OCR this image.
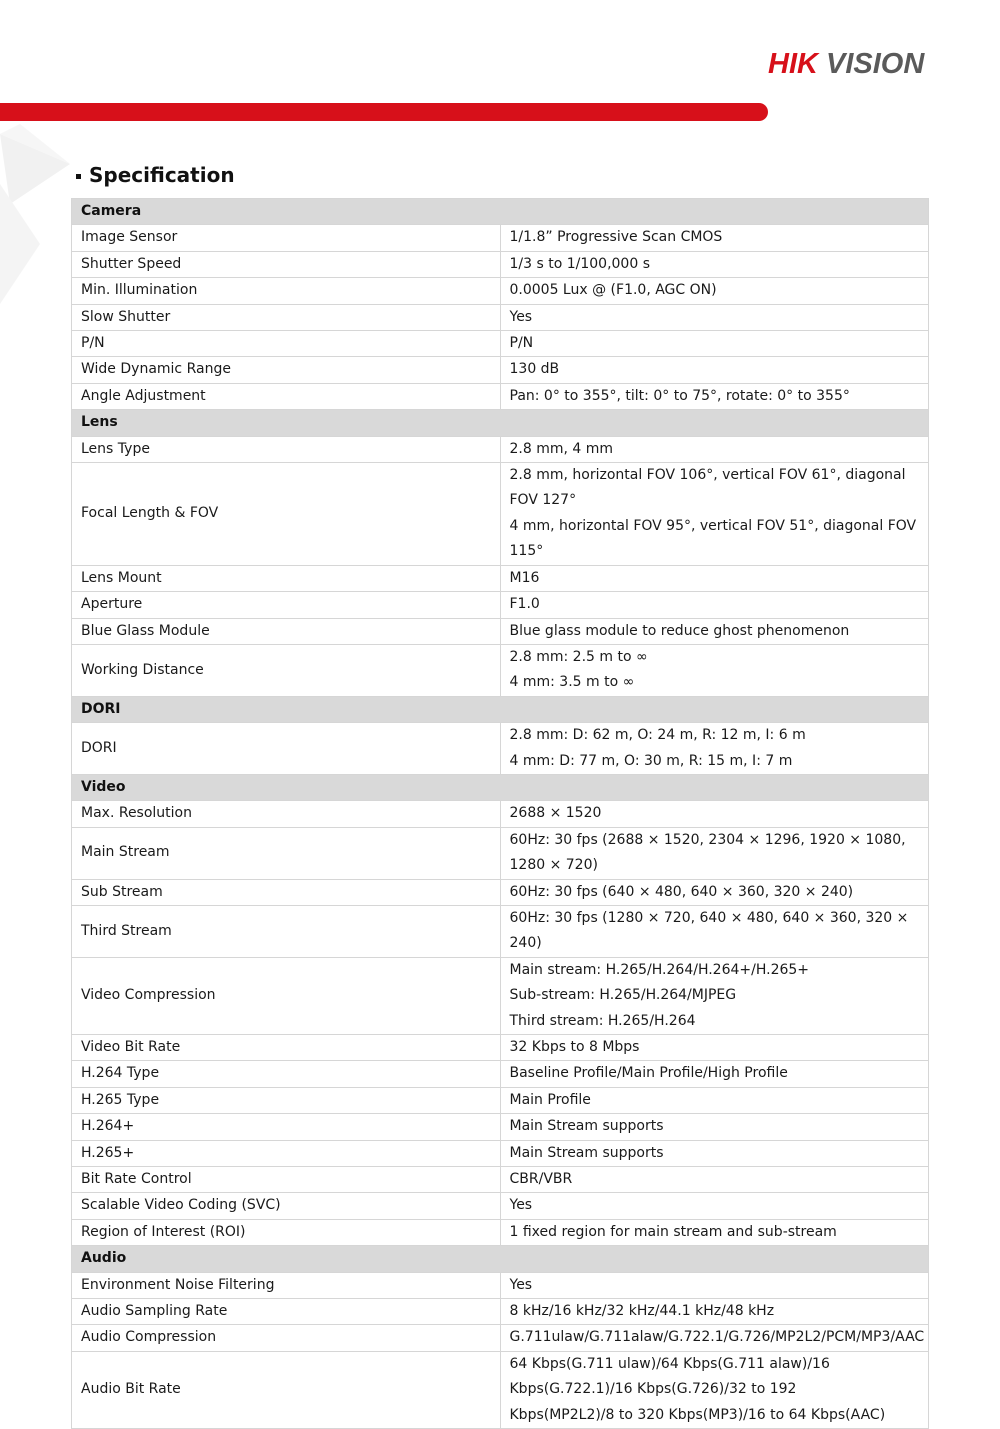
HIK VISION
Specification
Camera	
Image Sensor	1/1.8” Progressive Scan CMOS

Shutter Speed	1/3 s to 1/100,000 s

Min. Illumination	0.0005 Lux @ (F1.0, AGC ON)

Slow Shutter	Yes

P/N	P/N

Wide Dynamic Range	130 dB

Angle Adjustment	Pan: 0° to 355°, tilt: 0° to 75°, rotate: 0° to 355°

Lens	
Lens Type	2.8 mm, 4 mm

Focal Length & FOV	2.8 mm, horizontal FOV 106°, vertical FOV 61°, diagonal FOV 127°
4 mm, horizontal FOV 95°, vertical FOV 51°, diagonal FOV 115°

Lens Mount	M16

Aperture	F1.0

Blue Glass Module	Blue glass module to reduce ghost phenomenon

Working Distance	2.8 mm: 2.5 m to ∞
4 mm: 3.5 m to ∞

DORI	
DORI	2.8 mm: D: 62 m, O: 24 m, R: 12 m, I: 6 m
4 mm: D: 77 m, O: 30 m, R: 15 m, I: 7 m

Video	
Max. Resolution	2688 × 1520

Main Stream	60Hz: 30 fps (2688 × 1520, 2304 × 1296, 1920 × 1080, 1280 × 720)

Sub Stream	60Hz: 30 fps (640 × 480, 640 × 360, 320 × 240)

Third Stream	60Hz: 30 fps (1280 × 720, 640 × 480, 640 × 360, 320 × 240)

Video Compression	Main stream: H.265/H.264/H.264+/H.265+
Sub-stream: H.265/H.264/MJPEG
Third stream: H.265/H.264

Video Bit Rate	32 Kbps to 8 Mbps

H.264 Type	Baseline Profile/Main Profile/High Profile

H.265 Type	Main Profile

H.264+	Main Stream supports

H.265+	Main Stream supports

Bit Rate Control	CBR/VBR

Scalable Video Coding (SVC)	Yes

Region of Interest (ROI)	1 fixed region for main stream and sub-stream

Audio	
Environment Noise Filtering	Yes

Audio Sampling Rate	8 kHz/16 kHz/32 kHz/44.1 kHz/48 kHz

Audio Compression	G.711ulaw/G.711alaw/G.722.1/G.726/MP2L2/PCM/MP3/AAC

Audio Bit Rate	64 Kbps(G.711 ulaw)/64 Kbps(G.711 alaw)/16 Kbps(G.722.1)/16 Kbps(G.726)/32 to 192
Kbps(MP2L2)/8 to 320 Kbps(MP3)/16 to 64 Kbps(AAC)
